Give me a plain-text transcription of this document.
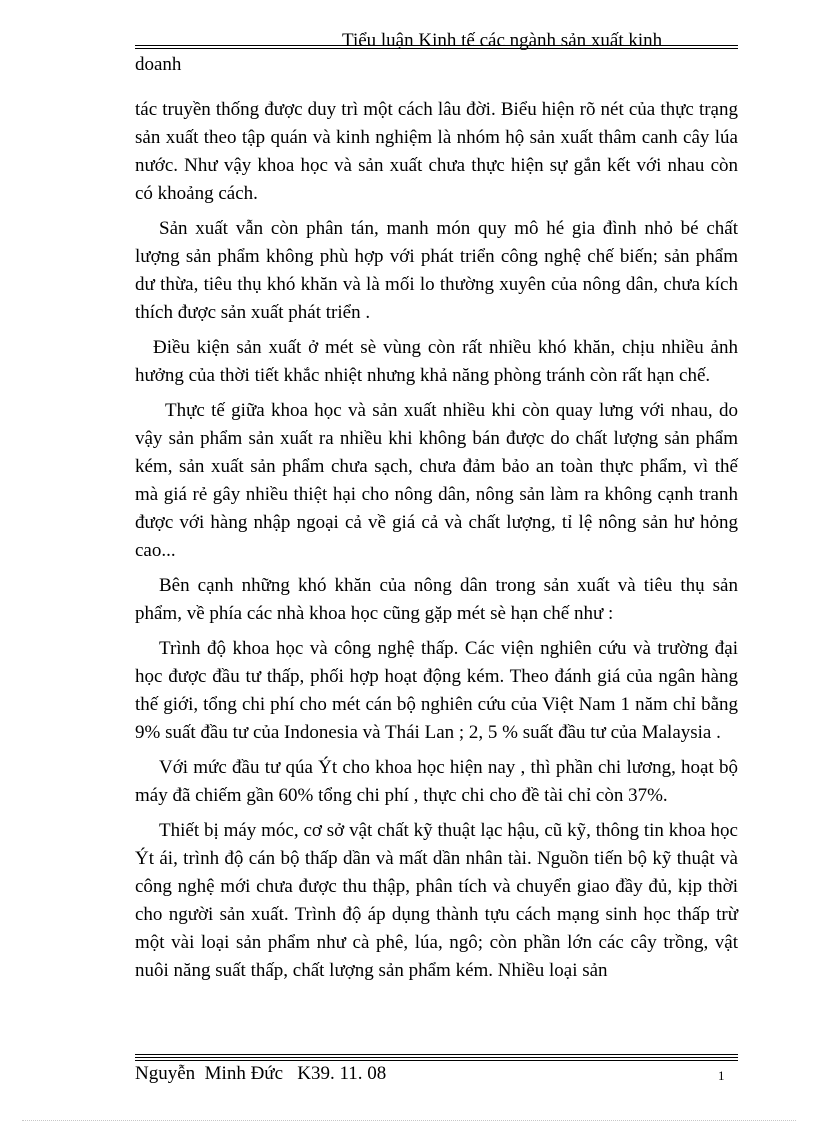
Tiểu luận Kinh tế các ngành sản xuất kinh
doanh

tác truyền thống được duy trì một cách lâu đời. Biểu hiện rõ nét của thực trạng sản xuất theo tập quán và kinh nghiệm là nhóm hộ sản xuất thâm canh cây lúa nước. Như vậy khoa học và sản xuất chưa thực hiện sự gắn kết với nhau còn có khoảng cách.

Sản xuất vẫn còn phân tán, manh món quy mô hé gia đình nhỏ bé chất lượng sản phẩm không phù hợp với phát triển công nghệ chế biến; sản phẩm dư thừa, tiêu thụ khó khăn và là mối lo thường xuyên của nông dân, chưa kích thích được sản xuất phát triển .

Điều kiện sản xuất ở mét sè vùng còn rất nhiều khó khăn, chịu nhiều ảnh hưởng của thời tiết khắc nhiệt nhưng khả năng phòng tránh còn rất hạn chế.

Thực tế giữa khoa học và sản xuất nhiều khi còn quay lưng với nhau, do vậy sản phẩm sản xuất ra nhiều khi không bán được do chất lượng sản phẩm kém, sản xuất sản phẩm chưa sạch, chưa đảm bảo an toàn thực phẩm, vì thế mà giá rẻ gây nhiều thiệt hại cho nông dân, nông sản làm ra không cạnh tranh được với hàng nhập ngoại cả về giá cả và chất lượng, tỉ lệ nông sản hư hỏng cao...

Bên cạnh những khó khăn của nông dân trong sản xuất và tiêu thụ sản phẩm, về phía các nhà khoa học cũng gặp mét sè hạn chế như :

Trình độ khoa học và công nghệ thấp. Các viện nghiên cứu và trường đại học được đầu tư thấp, phối hợp hoạt động kém. Theo đánh giá của ngân hàng thế giới, tổng chi phí cho mét cán bộ nghiên cứu của Việt Nam 1 năm chỉ bằng 9% suất đầu tư của Indonesia và Thái Lan ; 2, 5 % suất đầu tư của Malaysia .

Với mức đầu tư qúa Ýt cho khoa học hiện nay , thì phần chi lương, hoạt bộ máy đã chiếm gần 60% tổng chi phí , thực chi cho đề tài chỉ còn 37%.

Thiết bị máy móc, cơ sở vật chất kỹ thuật lạc hậu, cũ kỹ, thông tin khoa học Ýt ái, trình độ cán bộ thấp dần và mất dần nhân tài. Nguồn tiến bộ kỹ thuật và công nghệ mới chưa được thu thập, phân tích và chuyển giao đầy đủ, kịp thời cho người sản xuất. Trình độ áp dụng thành tựu cách mạng sinh học thấp trừ một vài loại sản phẩm như cà phê, lúa, ngô; còn phần lớn các cây trồng, vật nuôi năng suất thấp, chất lượng sản phẩm kém. Nhiều loại sản

Nguyễn  Minh Đức   K39. 11. 08	1
